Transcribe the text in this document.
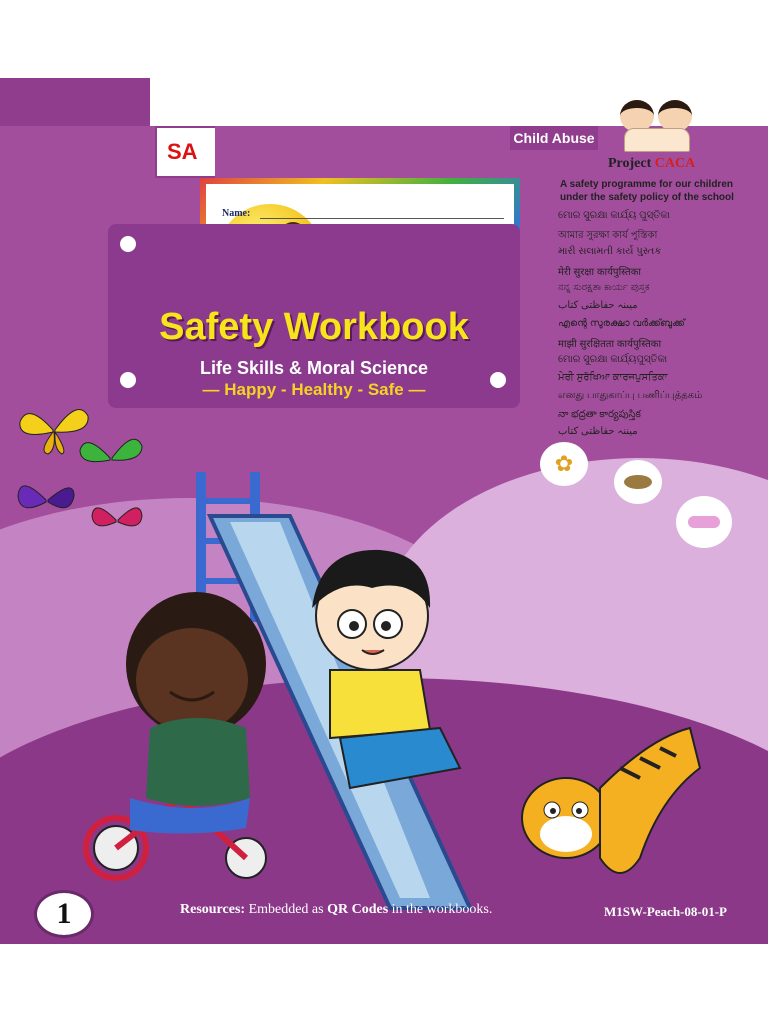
SA
Child Abuse
Name:
Safety Workbook
Life Skills & Moral Science
— Happy - Healthy - Safe —
Project CACA
A safety programme for our children under the safety policy of the school
ମୋର ସୁରକ୍ଷା କାର୍ଯ୍ୟ ପୁସ୍ତିକା
আমার সুরক্ষা কার্য পুস্তিকা
મારી સલામતી કાર્ય પુસ્તક
मेरी सुरक्षा कार्यपुस्तिका
ನನ್ನ ಸುರಕ್ಷತಾ ಕಾರ್ಯ ಪುಸ್ತಕ
میںنہ حفاظتی کتاب
എന്റെ സുരക്ഷാ വർക്ക്ബുക്ക്
माझी सुरक्षितता कार्यपुस्तिका
ମୋର ସୁରକ୍ଷା କାର୍ଯ୍ୟପୁସ୍ତିକା
ਮੇਰੀ ਸੁਰੱਖਿਆ ਕਾਰਜਪੁਸਤਿਕਾ
எனது பாதுகாப்பு பணிப்புத்தகம்
నా భద్రతా కార్యపుస్తిక
میننہ حفاظتی کتاب
✿
1	Resources: Embedded as QR Codes in the workbooks.	M1SW-Peach-08-01-P
